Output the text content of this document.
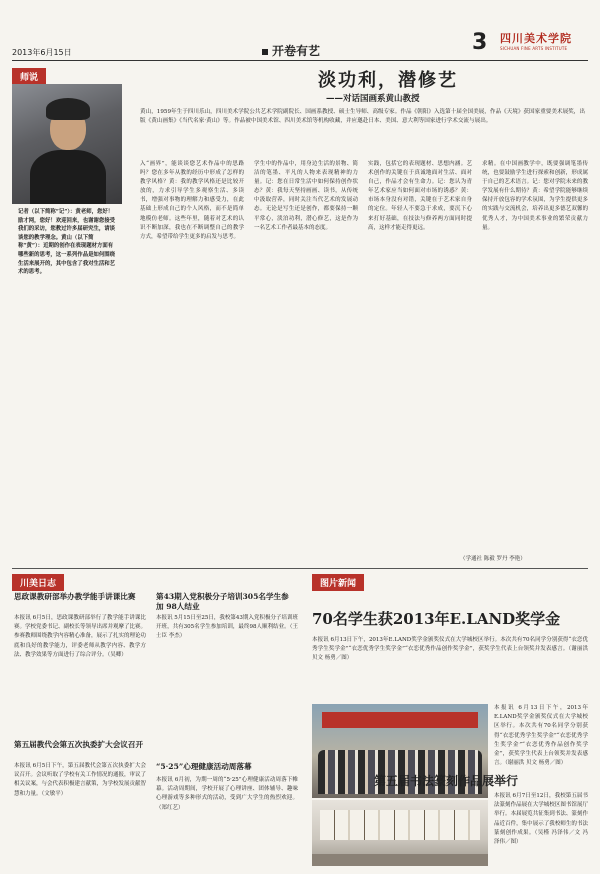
2013年6月15日	开卷有艺	3 四川美术学院
SICHUAN FINE ARTS INSTITUTE
师说	淡功利，潜修艺
——对话国画系黄山教授
黄山，1959年生于四川乐山，四川美术学院公共艺术学院副院长、国画系教授、硕士生导师、高级专家。作品《朝阳》入选第十届全国美展，作品《天境》获国家重要美术展奖，出版《黄山画集》《当代名家·黄山》等。作品被中国美术馆、四川美术馆等机构收藏，并应邀赴日本、美国、意大利等国家进行学术交流与展出。
记者（以下简称“记”）：黄老师，您好！励才网，您好！欢迎回来，也谢谢您接受我们的采访，您教过许多届研究生，请谈谈您的教学理念。黄山（以下简称“黄”）：近期的创作在表现题材方面有哪些新的思考，这一系列作品是如何围绕生活来展开的，其中包含了我对生活和艺术的思考。
入“画界”，能谈谈您艺术作品中的思路吗？您在多年从教的经历中形成了怎样的教学风格？黄：我的教学风格还是比较开放的，力求引导学生多观察生活、多读书，增强对事物的理解力和感受力，在此基础上形成自己的个人风格，而不是简单地模仿老师。这些年里，随着对艺术的认识不断加深，我也在不断调整自己的教学方式，希望带给学生更多的启发与思考。
学生中的作品中，用身边生活的景物、简洁的笔墨、平凡的人物来表现精神的力量。记：您在日常生活中如何保持创作状态？黄：我每天坚持画画、读书，从传统中汲取营养，同时关注当代艺术的发展动态。无论是写生还是创作，都要保持一颗平常心，淡泊功利，潜心修艺，这是作为一名艺术工作者最基本的态度。
实践，包括它的表现题材、思想内涵。艺术创作的关键在于真诚地面对生活、面对自己，作品才会有生命力。记：您认为青年艺术家应当如何面对市场的诱惑？黄：市场本身没有对错，关键在于艺术家自身的定位。年轻人不要急于求成，要沉下心来打好基础，在技法与修养两方面同时提高，这样才能走得更远。
求精。在中国画教学中，既要强调笔墨传统，也要鼓励学生进行探索和创新，形成属于自己的艺术语言。记：您对学院未来的教学发展有什么期待？黄：希望学院能够继续保持开放包容的学术氛围，为学生提供更多的实践与交流机会，培养出更多德艺双馨的优秀人才，为中国美术事业的繁荣贡献力量。
（学通社 陈毅 罗丹 李艳）
川美日志
思政课教研部举办教学能手讲课比赛
本报讯 6月5日，思政课教研部举行了教学能手讲课比赛。学校党委书记、副校长等领导出席并观摩了比赛。参赛教师围绕教学内容精心准备，展示了扎实的理论功底和良好的教学能力，评委老师从教学内容、教学方法、教学效果等方面进行了综合评分。（吴卿）
第五届教代会第五次执委扩大会议召开
本报讯 6月5日下午，第五届教代会第五次执委扩大会议召开。会议听取了学校有关工作情况的通报，审议了相关议案，与会代表积极建言献策，为学校发展贡献智慧和力量。（文敏平）
第43期入党积极分子培训305名学生参加 98人结业
本报讯 5月15日至25日，我校第43期入党积极分子培训班开班，共有305名学生参加培训，最终98人顺利结业。（王士臣 李杰）
“5·25”心理健康活动周落幕
本报讯 6月初，为期一周的“5·25”心理健康活动周落下帷幕。活动周期间，学校开展了心理讲座、团体辅导、趣味心理游戏等多种形式的活动，受到广大学生的热烈欢迎。（郑红艺）
图片新闻
70名学生获2013年E.LAND奖学金
本报讯 6月13日下午，2013年E.LAND奖学金颁奖仪式在大学城校区举行。本次共有70名同学分别获得“衣恋优秀学生奖学金”“衣恋优秀学生奖学金”“衣恋优秀作品创作奖学金”，获奖学生代表上台领奖并发表感言。（谢丽洪 贝文 杨勇／图）
第五届书法篆刻作品展举行
本报讯 6月13日下午，2013年E.LAND奖学金颁奖仪式在大学城校区举行。本次共有70名同学分别获得“衣恋优秀学生奖学金”“衣恋优秀学生奖学金”“衣恋优秀作品创作奖学金”，获奖学生代表上台领奖并发表感言。（谢丽洪 贝文 杨勇／图）
本报讯 6月7日至12日，我校第五届书法篆刻作品展在大学城校区图书馆展厅举行。本届展览共征集到书法、篆刻作品近百件，集中展示了我校师生的书法篆刻创作成果。（吴槿 冯泽伟／文 冯泽伟／图）
